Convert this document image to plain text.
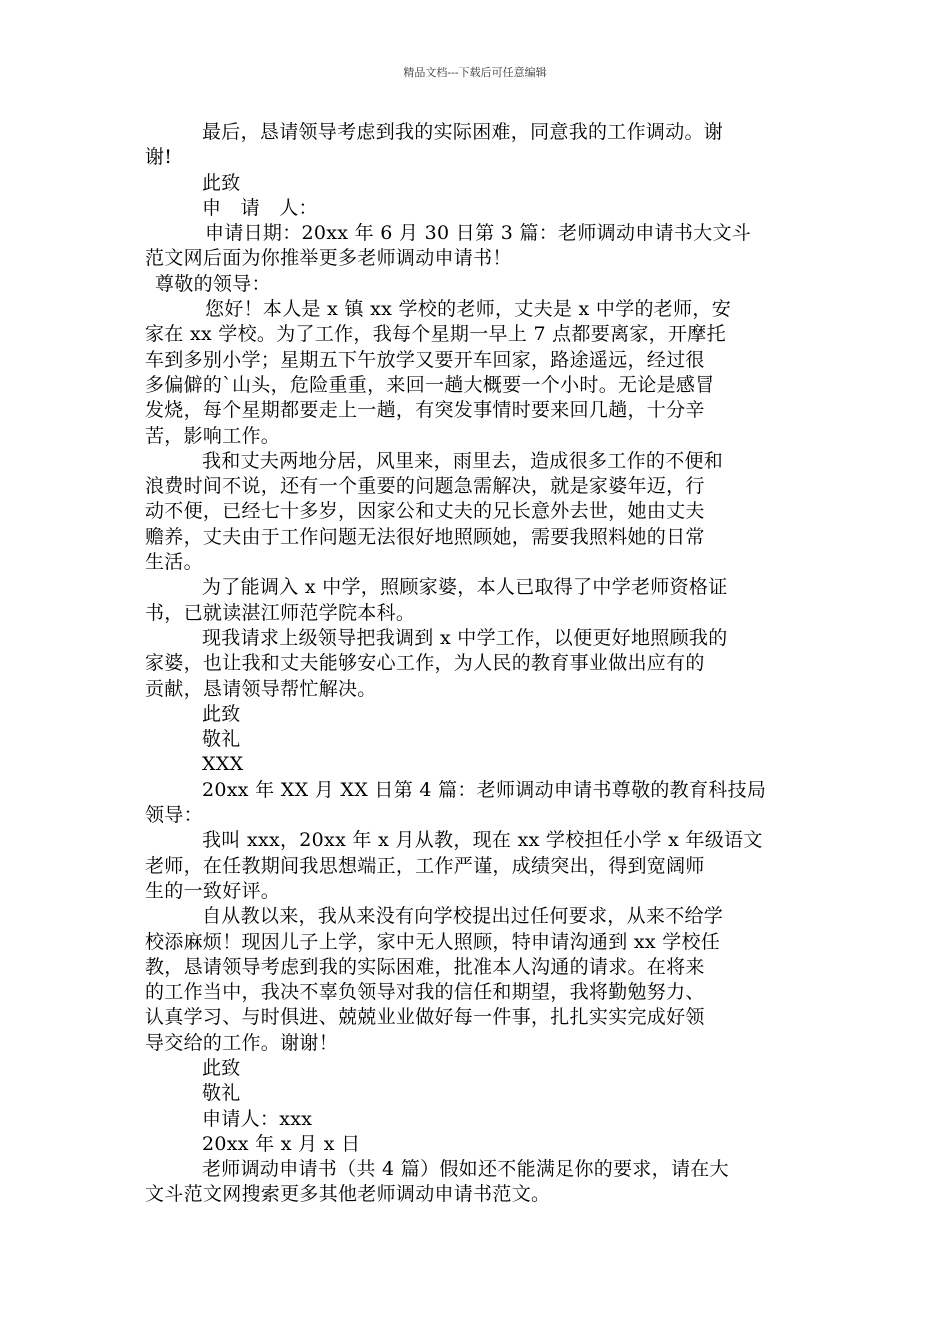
精品文档---下载后可任意编辑
最后，恳请领导考虑到我的实际困难，同意我的工作调动。谢
谢!
此致
申　请　人：
申请日期：20xx 年 6 月 30 日第 3 篇：老师调动申请书大文斗
范文网后面为你推举更多老师调动申请书！
尊敬的领导：
您好！本人是 x 镇 xx 学校的老师，丈夫是 x 中学的老师，安
家在 xx 学校。为了工作，我每个星期一早上 7 点都要离家，开摩托
车到多别小学；星期五下午放学又要开车回家，路途遥远，经过很
多偏僻的`山头，危险重重，来回一趟大概要一个小时。无论是感冒
发烧，每个星期都要走上一趟，有突发事情时要来回几趟，十分辛
苦，影响工作。
我和丈夫两地分居，风里来，雨里去，造成很多工作的不便和
浪费时间不说，还有一个重要的问题急需解决，就是家婆年迈，行
动不便，已经七十多岁，因家公和丈夫的兄长意外去世，她由丈夫
赡养，丈夫由于工作问题无法很好地照顾她，需要我照料她的日常
生活。
为了能调入 x 中学，照顾家婆，本人已取得了中学老师资格证
书，已就读湛江师范学院本科。
现我请求上级领导把我调到 x 中学工作，以便更好地照顾我的
家婆，也让我和丈夫能够安心工作，为人民的教育事业做出应有的
贡献，恳请领导帮忙解决。
此致
敬礼
XXX
20xx 年 XX 月 XX 日第 4 篇：老师调动申请书尊敬的教育科技局
领导：
我叫 xxx，20xx 年 x 月从教，现在 xx 学校担任小学 x 年级语文
老师，在任教期间我思想端正，工作严谨，成绩突出，得到宽阔师
生的一致好评。
自从教以来，我从来没有向学校提出过任何要求，从来不给学
校添麻烦！现因儿子上学，家中无人照顾，特申请沟通到 xx 学校任
教，恳请领导考虑到我的实际困难，批准本人沟通的请求。在将来
的工作当中，我决不辜负领导对我的信任和期望，我将勤勉努力、
认真学习、与时俱进、兢兢业业做好每一件事，扎扎实实完成好领
导交给的工作。谢谢！
此致
敬礼
申请人：xxx
20xx 年 x 月 x 日
老师调动申请书（共 4 篇）假如还不能满足你的要求，请在大
文斗范文网搜索更多其他老师调动申请书范文。
